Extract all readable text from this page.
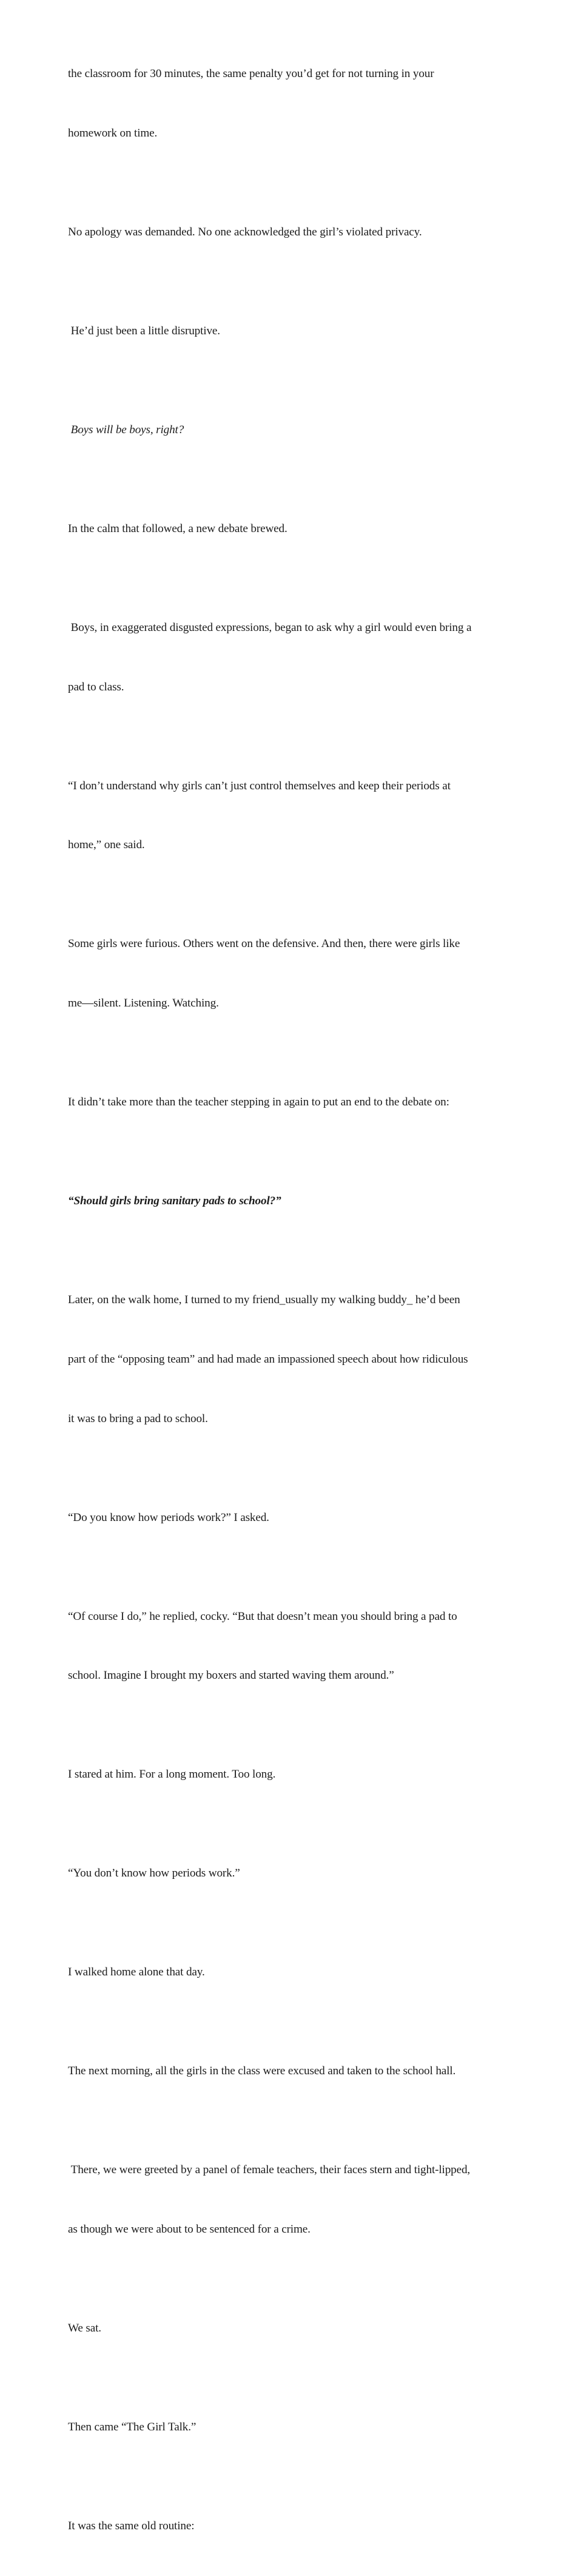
the classroom for 30 minutes, the same penalty you’d get for not turning in your

homework on time.

No apology was demanded. No one acknowledged the girl’s violated privacy.

He’d just been a little disruptive.

Boys will be boys, right?

In the calm that followed, a new debate brewed.

Boys, in exaggerated disgusted expressions, began to ask why a girl would even bring a

pad to class.

“I don’t understand why girls can’t just control themselves and keep their periods at

home,” one said.

Some girls were furious. Others went on the defensive. And then, there were girls like

me—silent. Listening. Watching.

It didn’t take more than the teacher stepping in again to put an end to the debate on:

“Should girls bring sanitary pads to school?”

Later, on the walk home, I turned to my friend_usually my walking buddy_ he’d been

part of the “opposing team” and had made an impassioned speech about how ridiculous

it was to bring a pad to school.

“Do you know how periods work?” I asked.

“Of course I do,” he replied, cocky. “But that doesn’t mean you should bring a pad to

school. Imagine I brought my boxers and started waving them around.”

I stared at him. For a long moment. Too long.

“You don’t know how periods work.”

I walked home alone that day.

The next morning, all the girls in the class were excused and taken to the school hall.

There, we were greeted by a panel of female teachers, their faces stern and tight-lipped,

as though we were about to be sentenced for a crime.

We sat.

Then came “The Girl Talk.”

It was the same old routine:
